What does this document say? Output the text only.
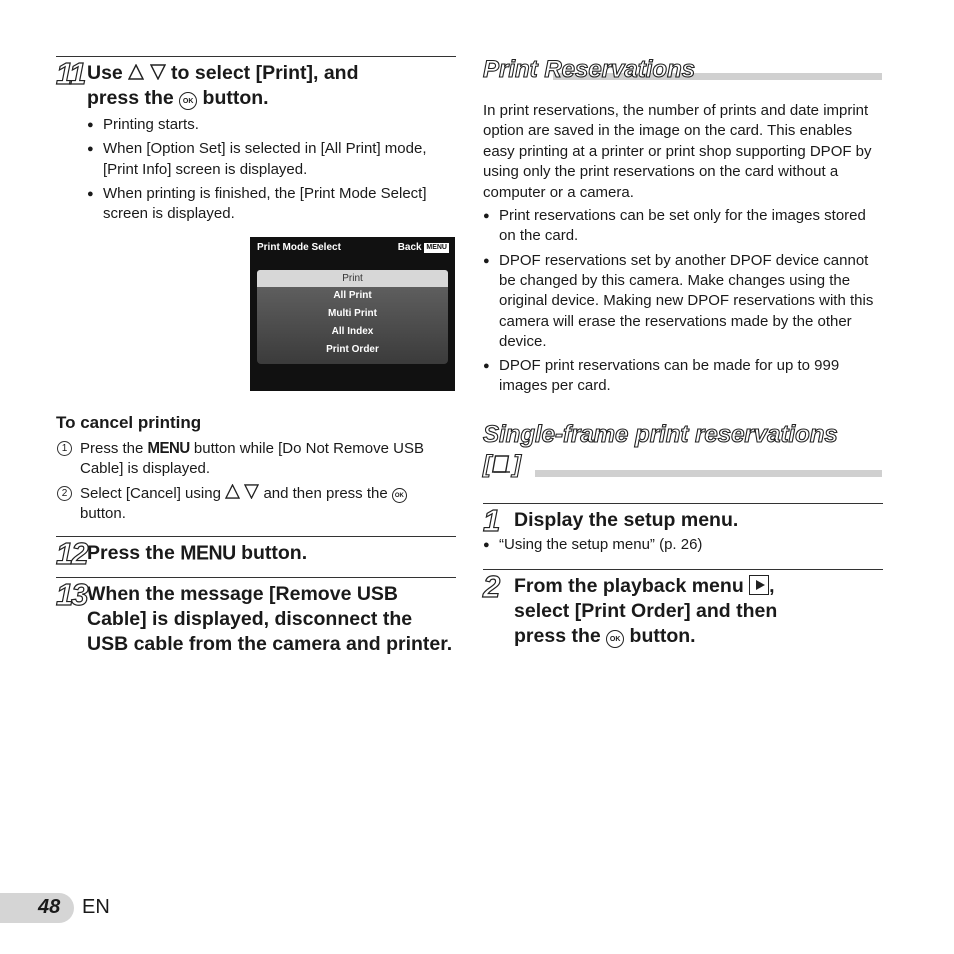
11 Use to select [Print], and
press the OK button.
● Printing starts.
● When [Option Set] is selected in [All Print] mode, [Print Info] screen is displayed.
● When printing is finished, the [Print Mode Select] screen is displayed.
Print Mode Select	Back MENU
Print
All Print
Multi Print
All Index
Print Order
To cancel printing
1 Press the MENU button while [Do Not Remove USB Cable] is displayed.
2 Select [Cancel] using	and then press the OK button.
12 Press the MENU button.
13 When the message [Remove USB Cable] is displayed, disconnect the USB cable from the camera and printer.
Print Reservations

In print reservations, the number of prints and date imprint option are saved in the image on the card. This enables easy printing at a printer or print shop supporting DPOF by using only the print reservations on the card without a computer or a camera.

● Print reservations can be set only for the images stored on the card.
● DPOF reservations set by another DPOF device cannot be changed by this camera. Make changes using the original device. Making new DPOF reservations with this camera will erase the reservations made by the other device.
● DPOF print reservations can be made for up to 999 images per card.
Single-frame print reservations
[ ]
1 Display the setup menu.
● “Using the setup menu” (p. 26)
2 From the playback menu ,
select [Print Order] and then
press the OK button.
48 EN
